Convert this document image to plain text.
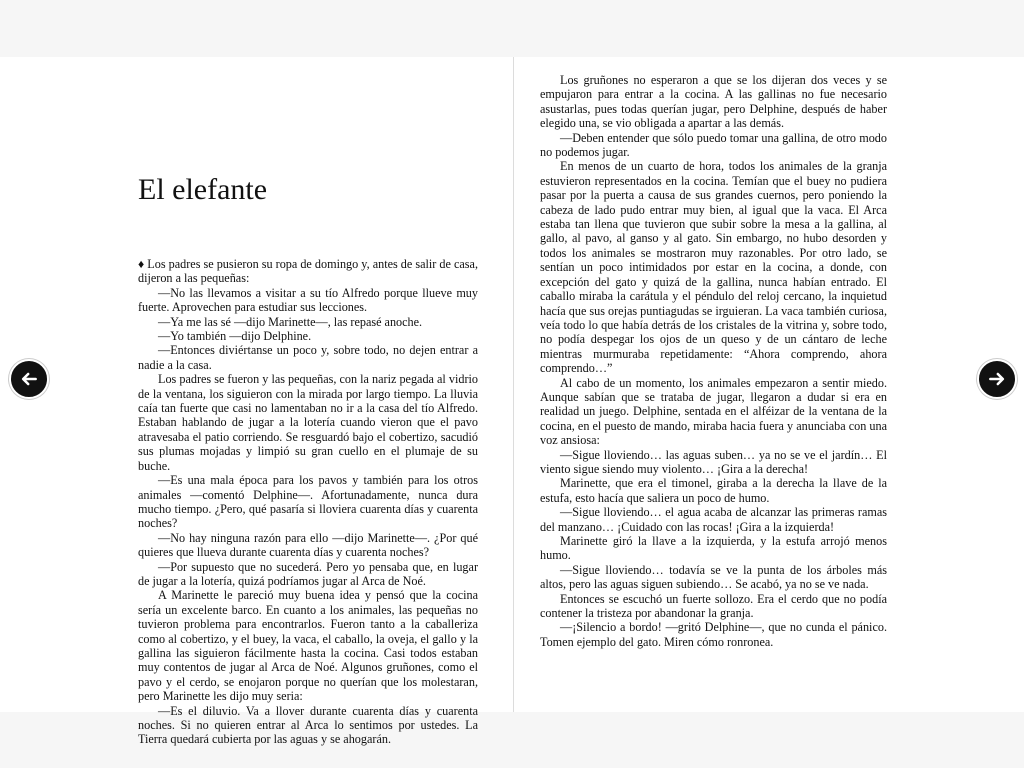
El elefante

♦ Los padres se pusieron su ropa de domingo y, antes de salir de casa, dijeron a las pequeñas:

—No las llevamos a visitar a su tío Alfredo porque llueve muy fuerte. Aprovechen para estudiar sus lecciones.

—Ya me las sé —dijo Marinette—, las repasé anoche.

—Yo también —dijo Delphine.

—Entonces diviértanse un poco y, sobre todo, no dejen entrar a nadie a la casa.

Los padres se fueron y las pequeñas, con la nariz pegada al vidrio de la ventana, los siguieron con la mirada por largo tiempo. La lluvia caía tan fuerte que casi no lamentaban no ir a la casa del tío Alfredo. Estaban hablando de jugar a la lotería cuando vieron que el pavo atravesaba el patio corriendo. Se resguardó bajo el cobertizo, sacudió sus plumas mojadas y limpió su gran cuello en el plumaje de su buche.

—Es una mala época para los pavos y también para los otros animales —comentó Delphine—. Afortunadamente, nunca dura mucho tiempo. ¿Pero, qué pasaría si lloviera cuarenta días y cuarenta noches?

—No hay ninguna razón para ello —dijo Marinette—. ¿Por qué quieres que llueva durante cuarenta días y cuarenta noches?

—Por supuesto que no sucederá. Pero yo pensaba que, en lugar de jugar a la lotería, quizá podríamos jugar al Arca de Noé.

A Marinette le pareció muy buena idea y pensó que la cocina sería un excelente barco. En cuanto a los animales, las pequeñas no tuvieron problema para encontrarlos. Fueron tanto a la caballeriza como al cobertizo, y el buey, la vaca, el caballo, la oveja, el gallo y la gallina las siguieron fácilmente hasta la cocina. Casi todos estaban muy contentos de jugar al Arca de Noé. Algunos gruñones, como el pavo y el cerdo, se enojaron porque no querían que los molestaran, pero Marinette les dijo muy seria:

—Es el diluvio. Va a llover durante cuarenta días y cuarenta noches. Si no quieren entrar al Arca lo sentimos por ustedes. La Tierra quedará cubierta por las aguas y se ahogarán.

Los gruñones no esperaron a que se los dijeran dos veces y se empujaron para entrar a la cocina. A las gallinas no fue necesario asustarlas, pues todas querían jugar, pero Delphine, después de haber elegido una, se vio obligada a apartar a las demás.

—Deben entender que sólo puedo tomar una gallina, de otro modo no podemos jugar.

En menos de un cuarto de hora, todos los animales de la granja estuvieron representados en la cocina. Temían que el buey no pudiera pasar por la puerta a causa de sus grandes cuernos, pero poniendo la cabeza de lado pudo entrar muy bien, al igual que la vaca. El Arca estaba tan llena que tuvieron que subir sobre la mesa a la gallina, al gallo, al pavo, al ganso y al gato. Sin embargo, no hubo desorden y todos los animales se mostraron muy razonables. Por otro lado, se sentían un poco intimidados por estar en la cocina, a donde, con excepción del gato y quizá de la gallina, nunca habían entrado. El caballo miraba la carátula y el péndulo del reloj cercano, la inquietud hacía que sus orejas puntiagudas se irguieran. La vaca también curiosa, veía todo lo que había detrás de los cristales de la vitrina y, sobre todo, no podía despegar los ojos de un queso y de un cántaro de leche mientras murmuraba repetidamente: “Ahora comprendo, ahora comprendo…”

Al cabo de un momento, los animales empezaron a sentir miedo. Aunque sabían que se trataba de jugar, llegaron a dudar si era en realidad un juego. Delphine, sentada en el alféizar de la ventana de la cocina, en el puesto de mando, miraba hacia fuera y anunciaba con una voz ansiosa:

—Sigue lloviendo… las aguas suben… ya no se ve el jardín… El viento sigue siendo muy violento… ¡Gira a la derecha!

Marinette, que era el timonel, giraba a la derecha la llave de la estufa, esto hacía que saliera un poco de humo.

—Sigue lloviendo… el agua acaba de alcanzar las primeras ramas del manzano… ¡Cuidado con las rocas! ¡Gira a la izquierda!

Marinette giró la llave a la izquierda, y la estufa arrojó menos humo.

—Sigue lloviendo… todavía se ve la punta de los árboles más altos, pero las aguas siguen subiendo… Se acabó, ya no se ve nada.

Entonces se escuchó un fuerte sollozo. Era el cerdo que no podía contener la tristeza por abandonar la granja.

—¡Silencio a bordo! —gritó Delphine—, que no cunda el pánico. Tomen ejemplo del gato. Miren cómo ronronea.
